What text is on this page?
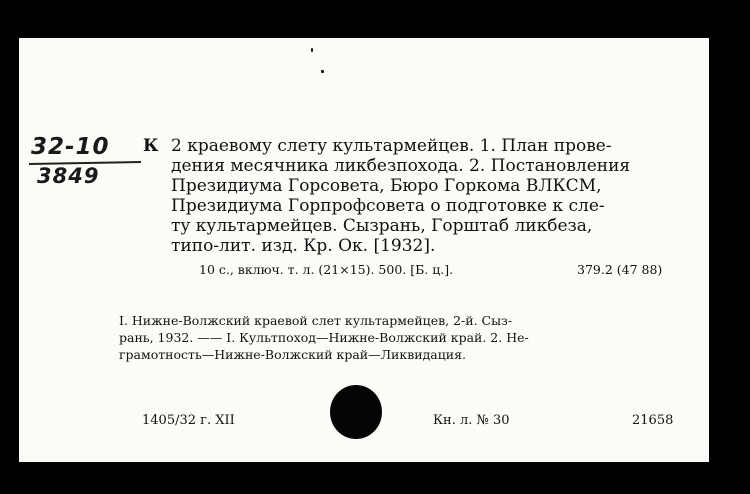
32-10
3849
К 2 краевому слету культармейцев. 1. План прове-
дения месячника ликбезпохода. 2. Постановления
Президиума Горсовета, Бюро Горкома ВЛКСМ,
Президиума Горпрофсовета о подготовке к сле-
ту культармейцев. Сызрань, Горштаб ликбеза,
типо-лит. изд. Кр. Ок. [1932].

10 с., включ. т. л. (21×15). 500. [Б. ц.].	379.2 (47 88)

I. Нижне-Волжский краевой слет культармейцев, 2-й. Сыз-
рань, 1932. —— I. Культпоход—Нижне-Волжский край. 2. Не-
грамотность—Нижне-Волжский край—Ликвидация.

1405/32 г. XII	Кн. л. № 30	21658
